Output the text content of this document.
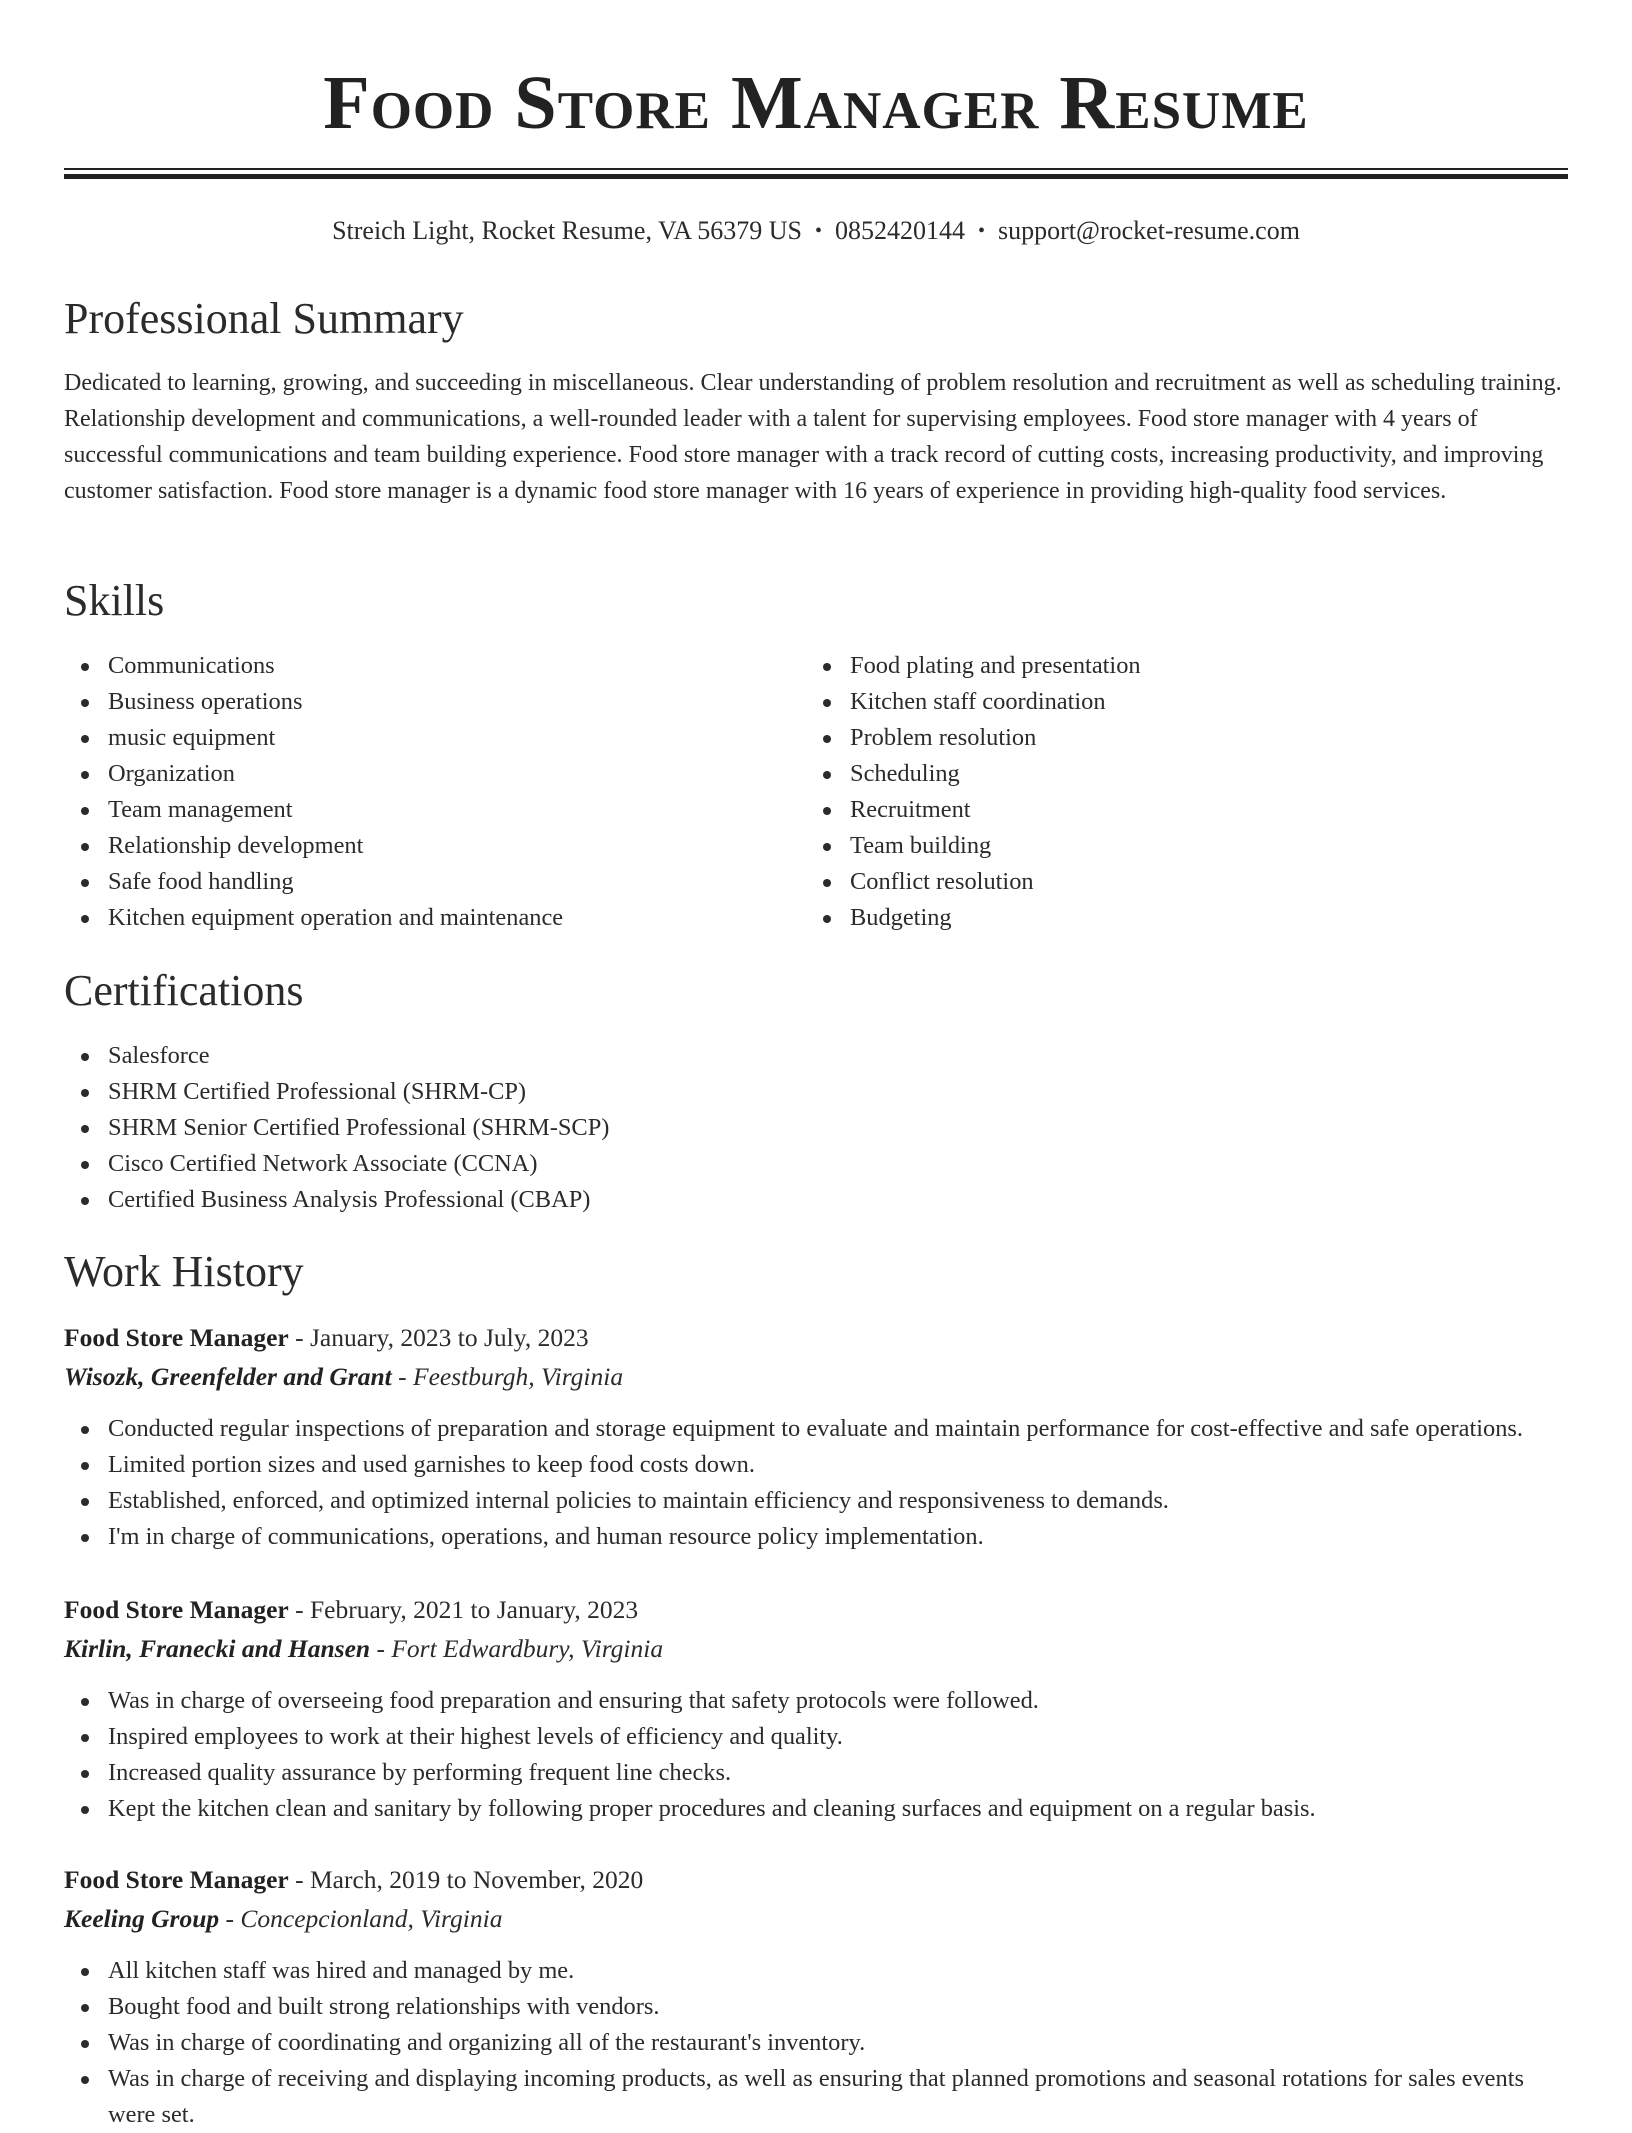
Food Store Manager Resume
Streich Light, Rocket Resume, VA 56379 US • 0852420144 • support@rocket-resume.com
Professional Summary

Dedicated to learning, growing, and succeeding in miscellaneous. Clear understanding of problem resolution and recruitment as well as scheduling training. Relationship development and communications, a well-rounded leader with a talent for supervising employees. Food store manager with 4 years of successful communications and team building experience. Food store manager with a track record of cutting costs, increasing productivity, and improving customer satisfaction. Food store manager is a dynamic food store manager with 16 years of experience in providing high-quality food services.

Skills
Communications
Business operations
music equipment
Organization
Team management
Relationship development
Safe food handling
Kitchen equipment operation and maintenance
Food plating and presentation
Kitchen staff coordination
Problem resolution
Scheduling
Recruitment
Team building
Conflict resolution
Budgeting
Certifications
Salesforce
SHRM Certified Professional (SHRM-CP)
SHRM Senior Certified Professional (SHRM-SCP)
Cisco Certified Network Associate (CCNA)
Certified Business Analysis Professional (CBAP)
Work History
Food Store Manager - January, 2023 to July, 2023
Wisozk, Greenfelder and Grant - Feestburgh, Virginia
Conducted regular inspections of preparation and storage equipment to evaluate and maintain performance for cost-effective and safe operations.
Limited portion sizes and used garnishes to keep food costs down.
Established, enforced, and optimized internal policies to maintain efficiency and responsiveness to demands.
I'm in charge of communications, operations, and human resource policy implementation.
Food Store Manager - February, 2021 to January, 2023
Kirlin, Franecki and Hansen - Fort Edwardbury, Virginia
Was in charge of overseeing food preparation and ensuring that safety protocols were followed.
Inspired employees to work at their highest levels of efficiency and quality.
Increased quality assurance by performing frequent line checks.
Kept the kitchen clean and sanitary by following proper procedures and cleaning surfaces and equipment on a regular basis.
Food Store Manager - March, 2019 to November, 2020
Keeling Group - Concepcionland, Virginia
All kitchen staff was hired and managed by me.
Bought food and built strong relationships with vendors.
Was in charge of coordinating and organizing all of the restaurant's inventory.
Was in charge of receiving and displaying incoming products, as well as ensuring that planned promotions and seasonal rotations for sales events were set.
